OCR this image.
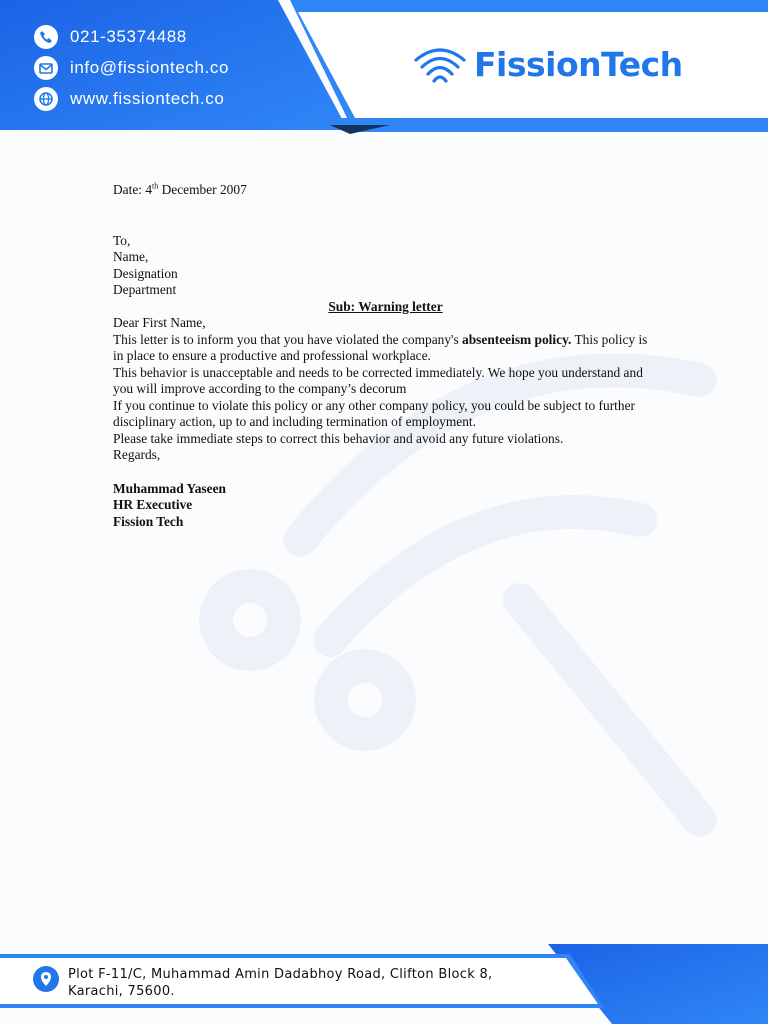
021-35374488
info@fissiontech.co
www.fissiontech.co
FissionTech

Date: 4th December 2007

To,

Name,

Designation

Department

Sub: Warning letter

Dear First Name,

This letter is to inform you that you have violated the company's absenteeism policy. This policy is in place to ensure a productive and professional workplace.

This behavior is unacceptable and needs to be corrected immediately. We hope you understand and you will improve according to the company’s decorum

If you continue to violate this policy or any other company policy, you could be subject to further disciplinary action, up to and including termination of employment.

Please take immediate steps to correct this behavior and avoid any future violations.

Regards,

Muhammad Yaseen

HR Executive

Fission Tech

Plot F-11/C, Muhammad Amin Dadabhoy Road, Clifton Block 8,
Karachi, 75600.
